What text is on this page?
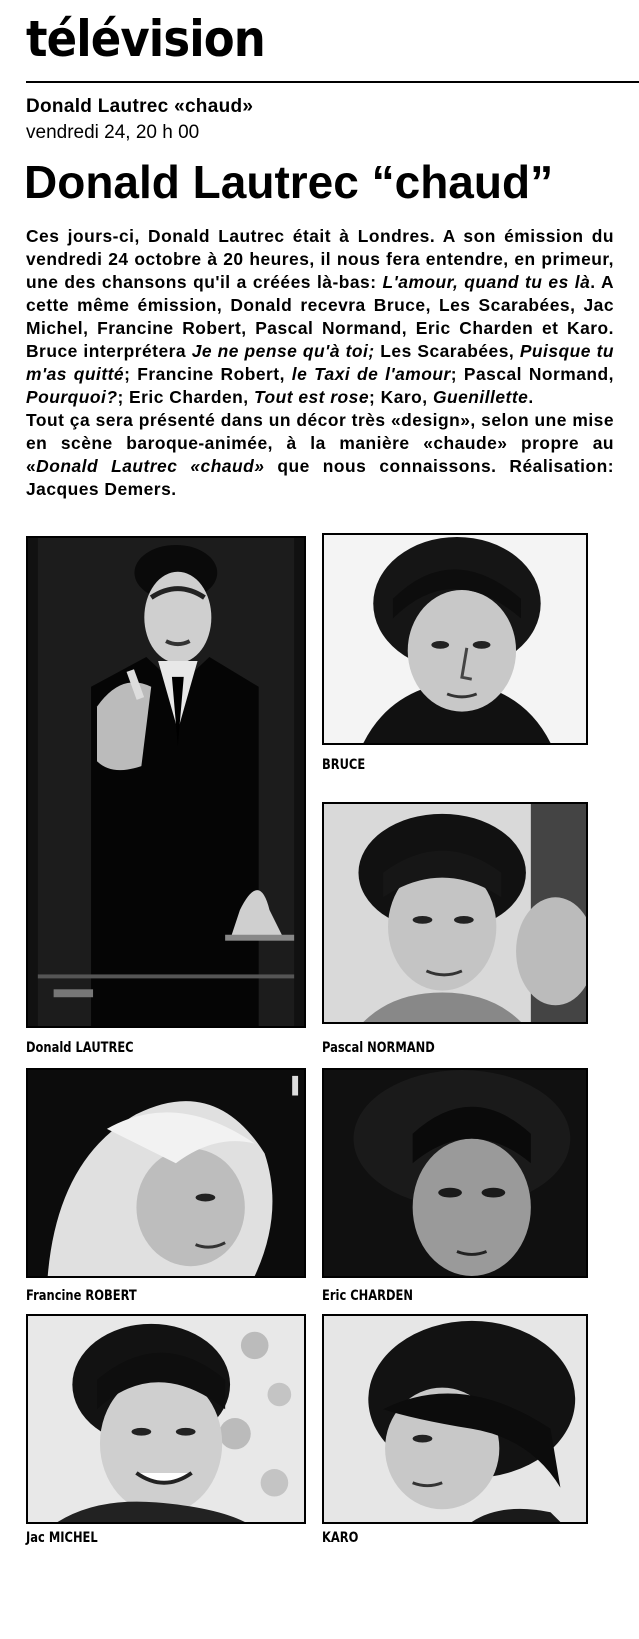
télévision
Donald Lautrec «chaud»
vendredi 24, 20 h 00
Donald Lautrec “chaud”

Ces jours-ci, Donald Lautrec était à Londres. A son émission du vendredi 24 octobre à 20 heures, il nous fera entendre, en primeur, une des chansons qu'il a créées là-bas: L'amour, quand tu es là. A cette même émission, Donald recevra Bruce, Les Scarabées, Jac Michel, Francine Robert, Pascal Normand, Eric Charden et Karo. Bruce interprétera Je ne pense qu'à toi; Les Scarabées, Puisque tu m'as quitté; Francine Robert, le Taxi de l'amour; Pascal Normand, Pourquoi?; Eric Charden, Tout est rose; Karo, Guenillette.

Tout ça sera présenté dans un décor très «design», selon une mise en scène baroque-animée, à la manière «chaude» propre au «Donald Lautrec «chaud» que nous connaissons. Réalisation: Jacques Demers.

Donald LAUTREC
BRUCE
Pascal NORMAND
Francine ROBERT	Eric CHARDEN
Jac MICHEL	KARO
